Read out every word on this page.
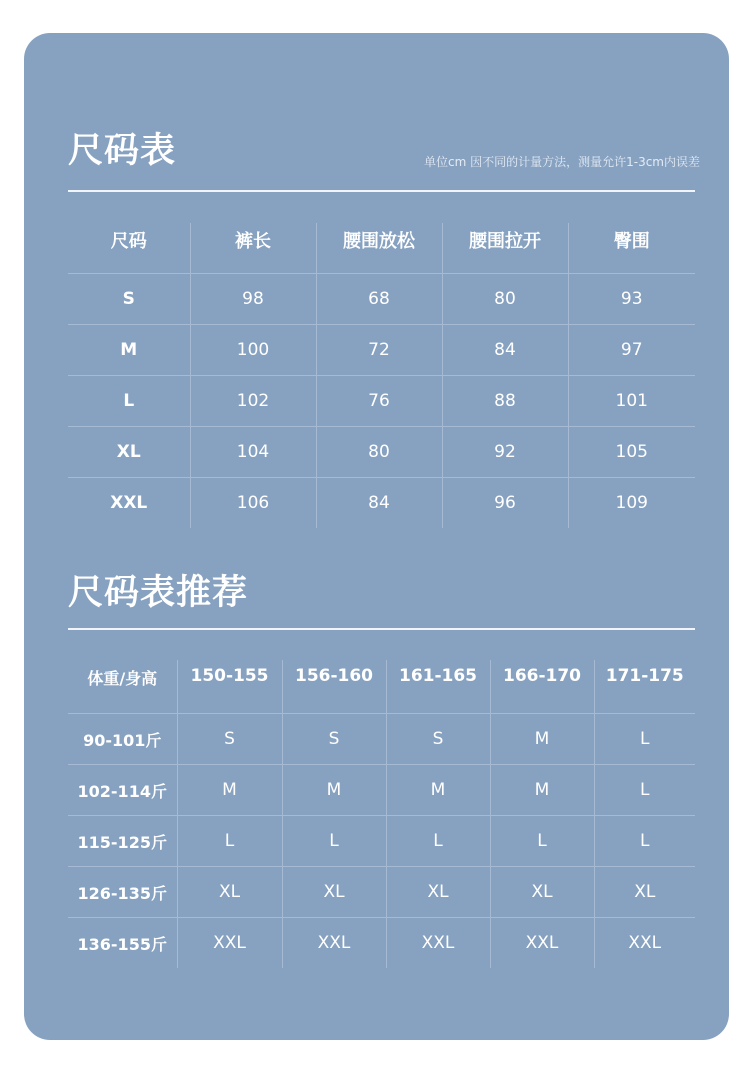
尺码表	单位cm 因不同的计量方法，测量允许1-3cm内误差
尺码	裤长	腰围放松	腰围拉开	臀围
S	98	68	80	93
M	100	72	84	97
L	102	76	88	101
XL	104	80	92	105
XXL	106	84	96	109
尺码表推荐
体重/身高	150-155	156-160	161-165	166-170	171-175
90-101斤	S	S	S	M	L
102-114斤	M	M	M	M	L
115-125斤	L	L	L	L	L
126-135斤	XL	XL	XL	XL	XL
136-155斤	XXL	XXL	XXL	XXL	XXL
